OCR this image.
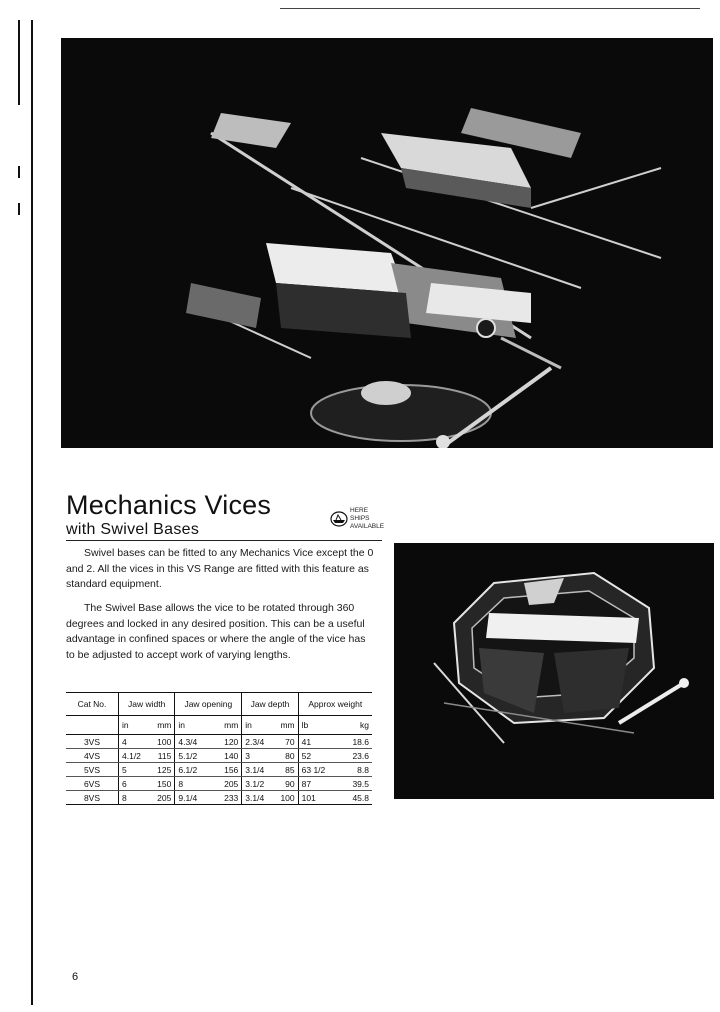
Mechanics Vices
with Swivel Bases
HERE
SHIPS
AVAILABLE

Swivel bases can be fitted to any Mechanics Vice except the 0 and 2. All the vices in this VS Range are fitted with this feature as standard equipment.

The Swivel Base allows the vice to be rotated through 360 degrees and locked in any desired position. This can be a useful advantage in confined spaces or where the angle of the vice has to be adjusted to accept work of varying lengths.

Cat No.	Jaw width		Jaw opening		Jaw depth		Approx weight	
	in	mm	in	mm	in	mm	lb	kg
3VS	4	100	4.3/4	120	2.3/4	70	41	18.6
4VS	4.1/2	115	5.1/2	140	3	80	52	23.6
5VS	5	125	6.1/2	156	3.1/4	85	63 1/2	8.8
6VS	6	150	8	205	3.1/2	90	87	39.5
8VS	8	205	9.1/4	233	3.1/4	100	101	45.8
6
